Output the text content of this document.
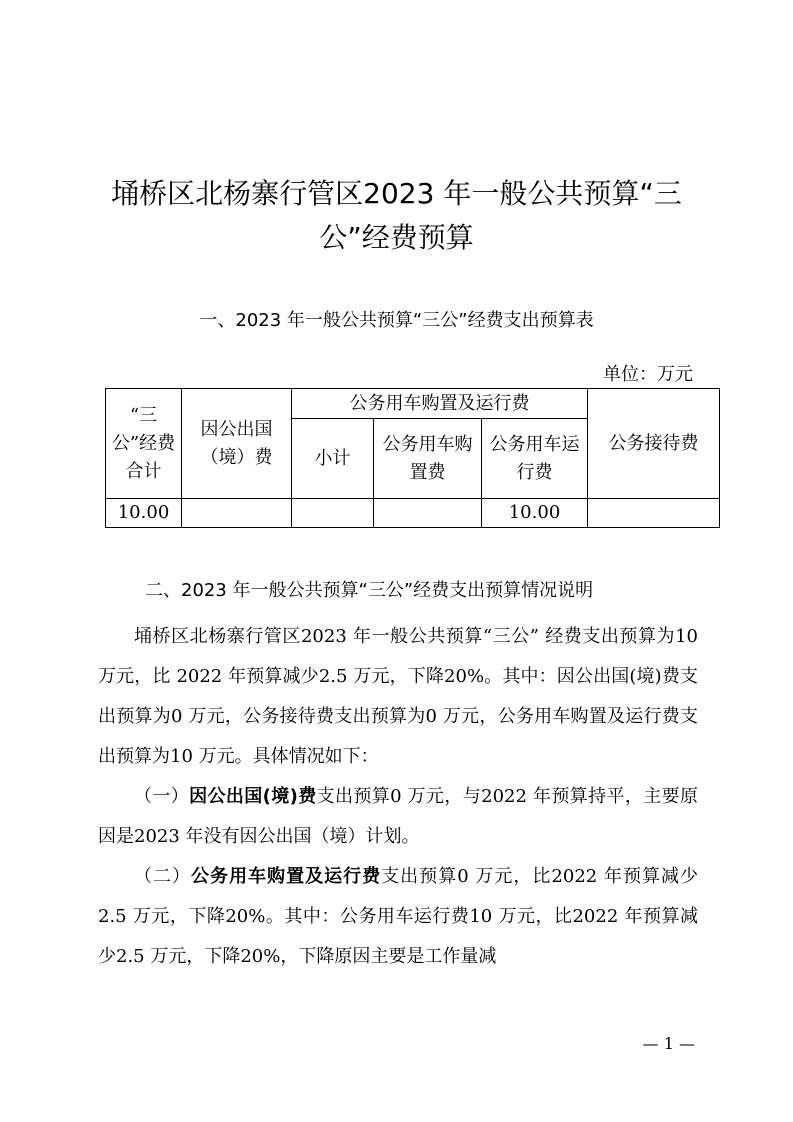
埇桥区北杨寨行管区2023 年一般公共预算“三公”经费预算
一、2023 年一般公共预算“三公”经费支出预算表
单位：万元
“三公”经费合计	因公出国（境）费	公务用车购置及运行费			公务接待费
		小计	公务用车购置费	公务用车运行费	
10.00				10.00	
二、2023 年一般公共预算“三公”经费支出预算情况说明

埇桥区北杨寨行管区2023 年一般公共预算“三公” 经费支出预算为10 万元，比 2022 年预算减少2.5 万元，下降20%。其中：因公出国(境)费支出预算为0 万元，公务接待费支出预算为0 万元，公务用车购置及运行费支出预算为10 万元。具体情况如下：

（一）因公出国(境)费支出预算0 万元，与2022 年预算持平，主要原因是2023 年没有因公出国（境）计划。

（二）公务用车购置及运行费支出预算0 万元，比2022 年预算减少2.5 万元，下降20%。其中：公务用车运行费10 万元，比2022 年预算减少2.5 万元，下降20%，下降原因主要是工作量减

— 1 —
